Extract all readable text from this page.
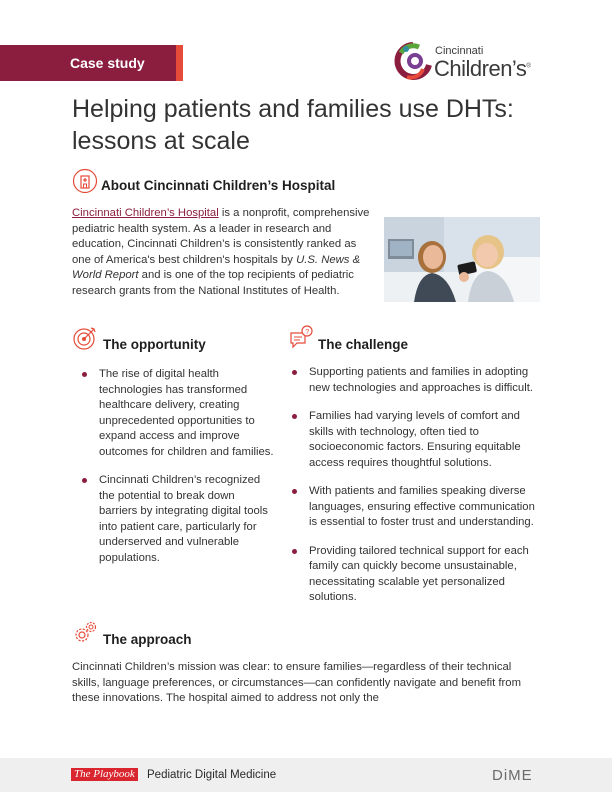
Case study
Cincinnati
Children’s®
Helping patients and families use DHTs:
lessons at scale
About Cincinnati Children’s Hospital

Cincinnati Children’s Hospital is a nonprofit, comprehensive pediatric health system. As a leader in research and education, Cincinnati Children’s is consistently ranked as one of America's best children's hospitals by U.S. News & World Report and is one of the top recipients of pediatric research grants from the National Institutes of Health.

The opportunity
The rise of digital health technologies has transformed healthcare delivery, creating unprecedented opportunities to expand access and improve outcomes for children and families.
Cincinnati Children’s recognized the potential to break down barriers by integrating digital tools into patient care, particularly for underserved and vulnerable populations.
?
The challenge
Supporting patients and families in adopting new technologies and approaches is difficult.
Families had varying levels of comfort and skills with technology, often tied to socioeconomic factors. Ensuring equitable access requires thoughtful solutions.
With patients and families speaking diverse languages, ensuring effective communication is essential to foster trust and understanding.
Providing tailored technical support for each family can quickly become unsustainable, necessitating scalable yet personalized solutions.
The approach

Cincinnati Children’s mission was clear: to ensure families—regardless of their technical skills, language preferences, or circumstances—can confidently navigate and benefit from these innovations. The hospital aimed to address not only the

The Playbook Pediatric Digital Medicine	DiME
